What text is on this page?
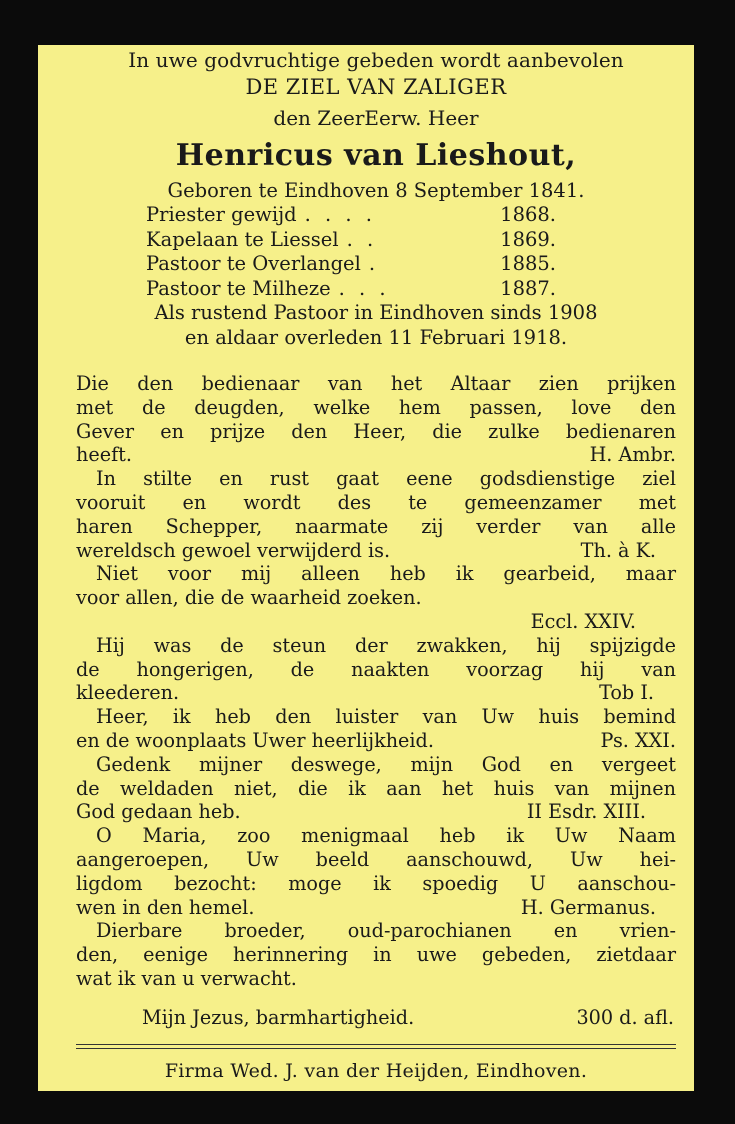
In uwe godvruchtige gebeden wordt aanbevolen
DE ZIEL VAN ZALIGER
den ZeerEerw. Heer
Henricus van Lieshout,
Geboren te Eindhoven 8 September 1841.
Priester gewijd . . . .	1868.
Kapelaan te Liessel . .	1869.
Pastoor te Overlangel .	1885.
Pastoor te Milheze . . .	1887.
Als rustend Pastoor in Eindhoven sinds 1908
en aldaar overleden 11 Februari 1918.
Die den bedienaar van het Altaar zien prijken
met de deugden, welke hem passen, love den
Gever en prijze den Heer, die zulke bedienaren
heeft.	H. Ambr.
In stilte en rust gaat eene godsdienstige ziel
vooruit en wordt des te gemeenzamer met
haren Schepper, naarmate zij verder van alle
wereldsch gewoel verwijderd is.	Th. à K.
Niet voor mij alleen heb ik gearbeid, maar
voor allen, die de waarheid zoeken.
Eccl. XXIV.
Hij was de steun der zwakken, hij spijzigde
de hongerigen, de naakten voorzag hij van
kleederen.	Tob I.
Heer, ik heb den luister van Uw huis bemind
en de woonplaats Uwer heerlijkheid.	Ps. XXI.
Gedenk mijner deswege, mijn God en vergeet
de weldaden niet, die ik aan het huis van mijnen
God gedaan heb.	II Esdr. XIII.
O Maria, zoo menigmaal heb ik Uw Naam
aangeroepen, Uw beeld aanschouwd, Uw hei-
ligdom bezocht: moge ik spoedig U aanschou-
wen in den hemel.	H. Germanus.
Dierbare broeder, oud-parochianen en vrien-
den, eenige herinnering in uwe gebeden, zietdaar
wat ik van u verwacht.
Mijn Jezus, barmhartigheid.	300 d. afl.
Firma Wed. J. van der Heijden, Eindhoven.
